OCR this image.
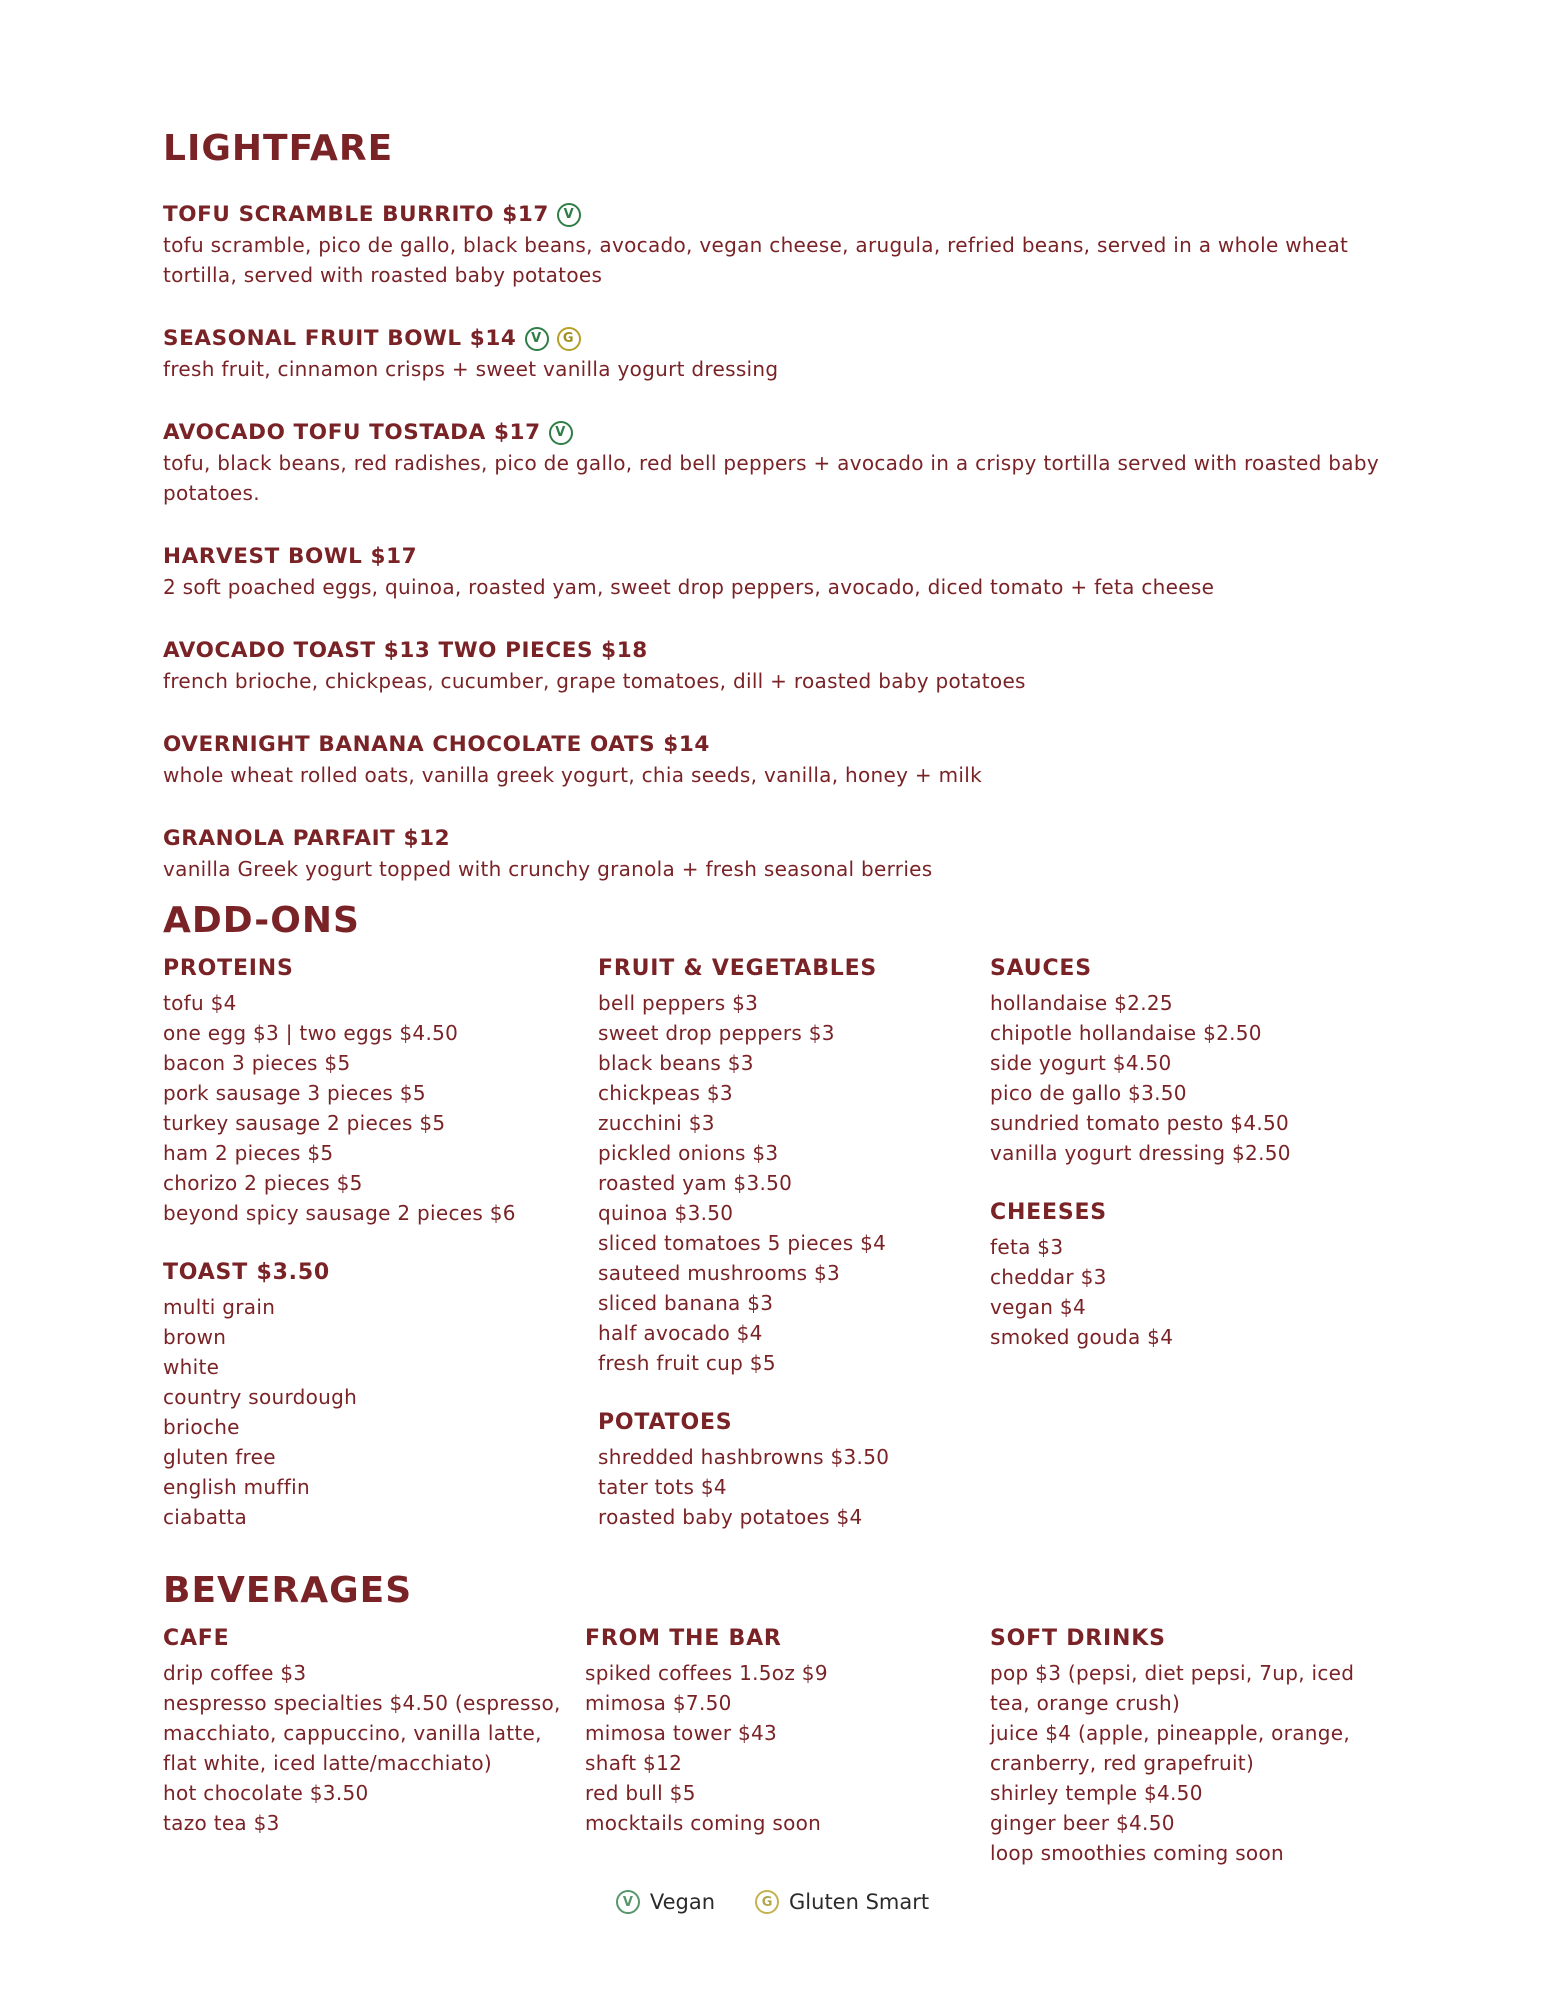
LIGHTFARE
TOFU SCRAMBLE BURRITO $17	V
tofu scramble, pico de gallo, black beans, avocado, vegan cheese, arugula, refried beans, served in a whole wheat tortilla, served with roasted baby potatoes
SEASONAL FRUIT BOWL $14	V	G
fresh fruit, cinnamon crisps + sweet vanilla yogurt dressing
AVOCADO TOFU TOSTADA $17	V
tofu, black beans, red radishes, pico de gallo, red bell peppers + avocado in a crispy tortilla served with roasted baby potatoes.
HARVEST BOWL $17
2 soft poached eggs, quinoa, roasted yam, sweet drop peppers, avocado, diced tomato + feta cheese
AVOCADO TOAST $13 TWO PIECES $18
french brioche, chickpeas, cucumber, grape tomatoes, dill + roasted baby potatoes
OVERNIGHT BANANA CHOCOLATE OATS $14
whole wheat rolled oats, vanilla greek yogurt, chia seeds, vanilla, honey + milk
GRANOLA PARFAIT $12
vanilla Greek yogurt topped with crunchy granola + fresh seasonal berries
ADD-ONS
PROTEINS
tofu $4
one egg $3 | two eggs $4.50
bacon 3 pieces $5
pork sausage 3 pieces $5
turkey sausage 2 pieces $5
ham 2 pieces $5
chorizo 2 pieces $5
beyond spicy sausage 2 pieces $6
TOAST $3.50
multi grain
brown
white
country sourdough
brioche
gluten free
english muffin
ciabatta
FRUIT & VEGETABLES
bell peppers $3
sweet drop peppers $3
black beans $3
chickpeas $3
zucchini $3
pickled onions $3
roasted yam $3.50
quinoa $3.50
sliced tomatoes 5 pieces $4
sauteed mushrooms $3
sliced banana $3
half avocado $4
fresh fruit cup $5
POTATOES
shredded hashbrowns $3.50
tater tots $4
roasted baby potatoes $4
SAUCES
hollandaise $2.25
chipotle hollandaise $2.50
side yogurt $4.50
pico de gallo $3.50
sundried tomato pesto $4.50
vanilla yogurt dressing $2.50
CHEESES
feta $3
cheddar $3
vegan $4
smoked gouda $4
BEVERAGES
CAFE
drip coffee $3
nespresso specialties $4.50 (espresso,
macchiato, cappuccino, vanilla latte,
flat white, iced latte/macchiato)
hot chocolate $3.50
tazo tea $3
FROM THE BAR
spiked coffees 1.5oz $9
mimosa $7.50
mimosa tower $43
shaft $12
red bull $5
mocktails coming soon
SOFT DRINKS
pop $3 (pepsi, diet pepsi, 7up, iced
tea, orange crush)
juice $4 (apple, pineapple, orange,
cranberry, red grapefruit)
shirley temple $4.50
ginger beer $4.50
loop smoothies coming soon
V Vegan	G Gluten Smart
